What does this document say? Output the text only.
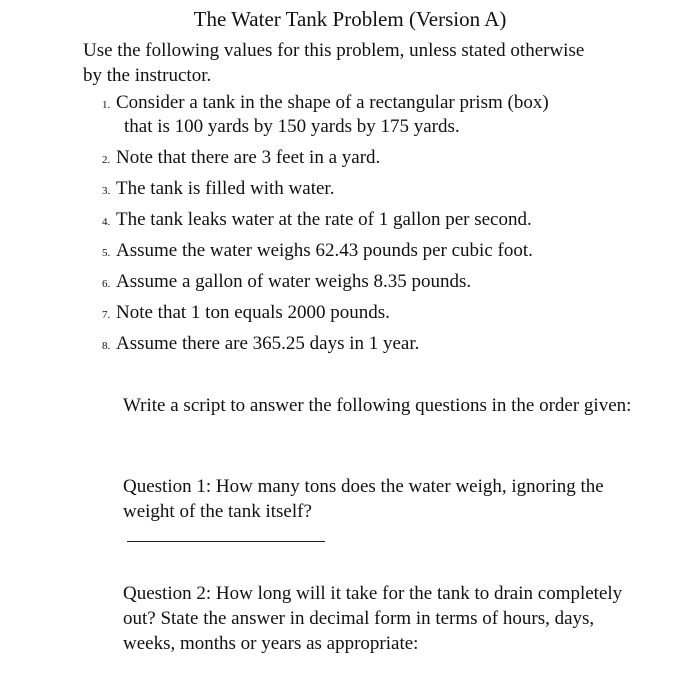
The Water Tank Problem (Version A)

Use the following values for this problem, unless stated otherwise by the instructor.

1. Consider a tank in the shape of a rectangular prism (box)
that is 100 yards by 150 yards by 175 yards.
2. Note that there are 3 feet in a yard.
3. The tank is filled with water.
4. The tank leaks water at the rate of 1 gallon per second.
5. Assume the water weighs 62.43 pounds per cubic foot.
6. Assume a gallon of water weighs 8.35 pounds.
7. Note that 1 ton equals 2000 pounds.
8. Assume there are 365.25 days in 1 year.

Write a script to answer the following questions in the order given:

Question 1: How many tons does the water weigh, ignoring the weight of the tank itself?

Question 2: How long will it take for the tank to drain completely out? State the answer in decimal form in terms of hours, days, weeks, months or years as appropriate:
